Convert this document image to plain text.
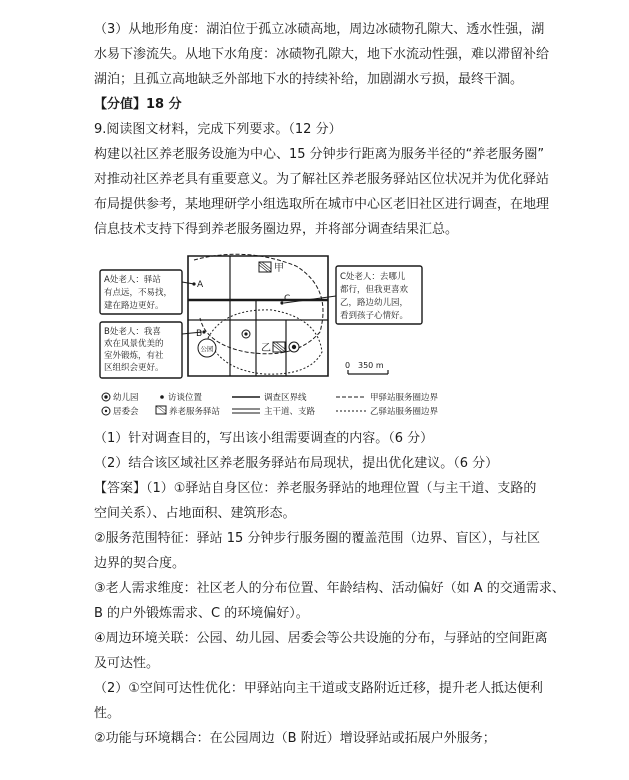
（3）从地形角度：湖泊位于孤立冰碛高地，周边冰碛物孔隙大、透水性强，湖
水易下渗流失。从地下水角度：冰碛物孔隙大，地下水流动性强，难以滞留补给
湖泊；且孤立高地缺乏外部地下水的持续补给，加剧湖水亏损，最终干涸。
【分值】18 分
9.阅读图文材料，完成下列要求。（12 分）
构建以社区养老服务设施为中心、15 分钟步行距离为服务半径的“养老服务圈”
对推动社区养老具有重要意义。为了解社区养老服务驿站区位状况并为优化驿站
布局提供参考，某地理研学小组选取所在城市中心区老旧社区进行调查，在地理
信息技术支持下得到养老服务圈边界，并将部分调查结果汇总。
甲
乙
公园
A
B
C
A处老人：驿站
有点远，不易找，
建在路边更好。
B处老人：我喜
欢在风景优美的
室外锻炼，有社
区组织会更好。
C处老人：去哪儿
都行，但我更喜欢
乙，路边幼儿园，
看到孩子心情好。
0 350 m
幼儿园
居委会
访谈位置
养老服务驿站
调查区界线
主干道、支路
甲驿站服务圈边界
乙驿站服务圈边界
（1）针对调查目的，写出该小组需要调查的内容。（6 分）
（2）结合该区域社区养老服务驿站布局现状，提出优化建议。（6 分）
【答案】（1）①驿站自身区位：养老服务驿站的地理位置（与主干道、支路的
空间关系）、占地面积、建筑形态。
②服务范围特征：驿站 15 分钟步行服务圈的覆盖范围（边界、盲区），与社区
边界的契合度。
③老人需求维度：社区老人的分布位置、年龄结构、活动偏好（如 A 的交通需求、
B 的户外锻炼需求、C 的环境偏好）。
④周边环境关联：公园、幼儿园、居委会等公共设施的分布，与驿站的空间距离
及可达性。
（2）①空间可达性优化：甲驿站向主干道或支路附近迁移，提升老人抵达便利
性。
②功能与环境耦合：在公园周边（B 附近）增设驿站或拓展户外服务；
